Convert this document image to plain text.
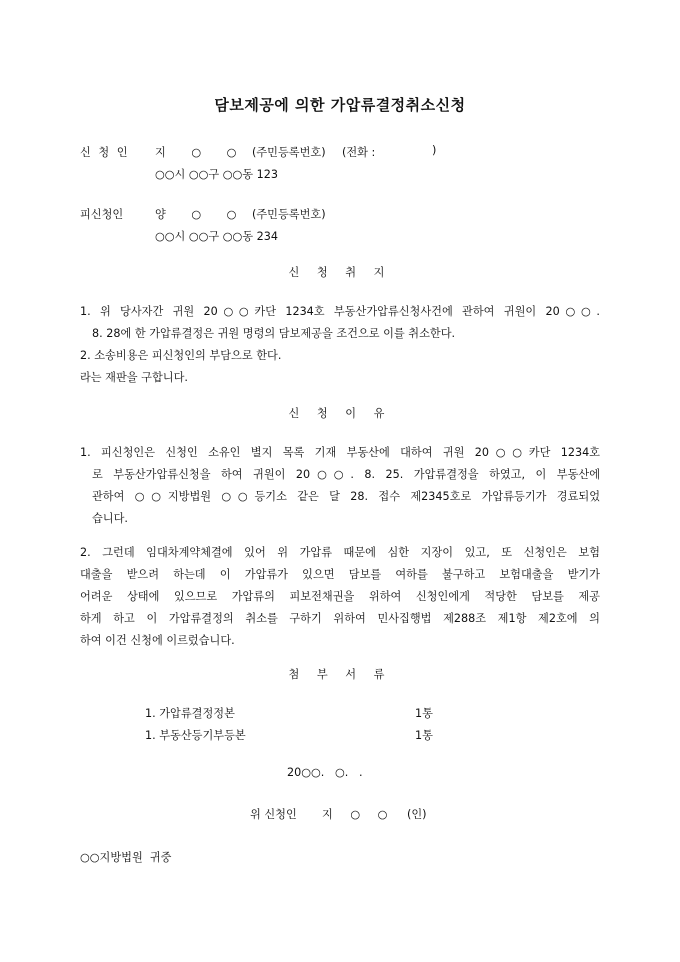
담보제공에 의한 가압류결정취소신청
신 청 인 지 ○ ○ (주민등록번호) (전화 :	)
○○시 ○○구 ○○동 123
피신청인	양 ○ ○ (주민등록번호)
○○시 ○○구 ○○동 234
신 청 취 지
1. 위 당사자간 귀원 20○○카단 1234호 부동산가압류신청사건에 관하여 귀원이 20○○.
8. 28에 한 가압류결정은 귀원 명령의 담보제공을 조건으로 이를 취소한다.
2. 소송비용은 피신청인의 부담으로 한다.
라는 재판을 구합니다.
신 청 이 유
1. 피신청인은 신청인 소유인 별지 목록 기재 부동산에 대하여 귀원 20○○카단 1234호
로 부동산가압류신청을 하여 귀원이 20○○. 8. 25. 가압류결정을 하였고, 이 부동산에
관하여 ○○지방법원 ○○등기소 같은 달 28. 접수 제2345호로 가압류등기가 경료되었
습니다.
2. 그런데 임대차계약체결에 있어 위 가압류 때문에 심한 지장이 있고, 또 신청인은 보험
대출을 받으려 하는데 이 가압류가 있으면 담보를 여하를 불구하고 보험대출을 받기가
어려운 상태에 있으므로 가압류의 피보전채권을 위하여 신청인에게 적당한 담보를 제공
하게 하고 이 가압류결정의 취소를 구하기 위하여 민사집행법 제288조 제1항 제2호에 의
하여 이건 신청에 이르렀습니다.
첨 부 서 류
1. 가압류결정정본	1통
1. 부동산등기부등본	1통
20○○.   ○.   .
위 신청인 지 ○ ○ (인)
○○지방법원  귀중
